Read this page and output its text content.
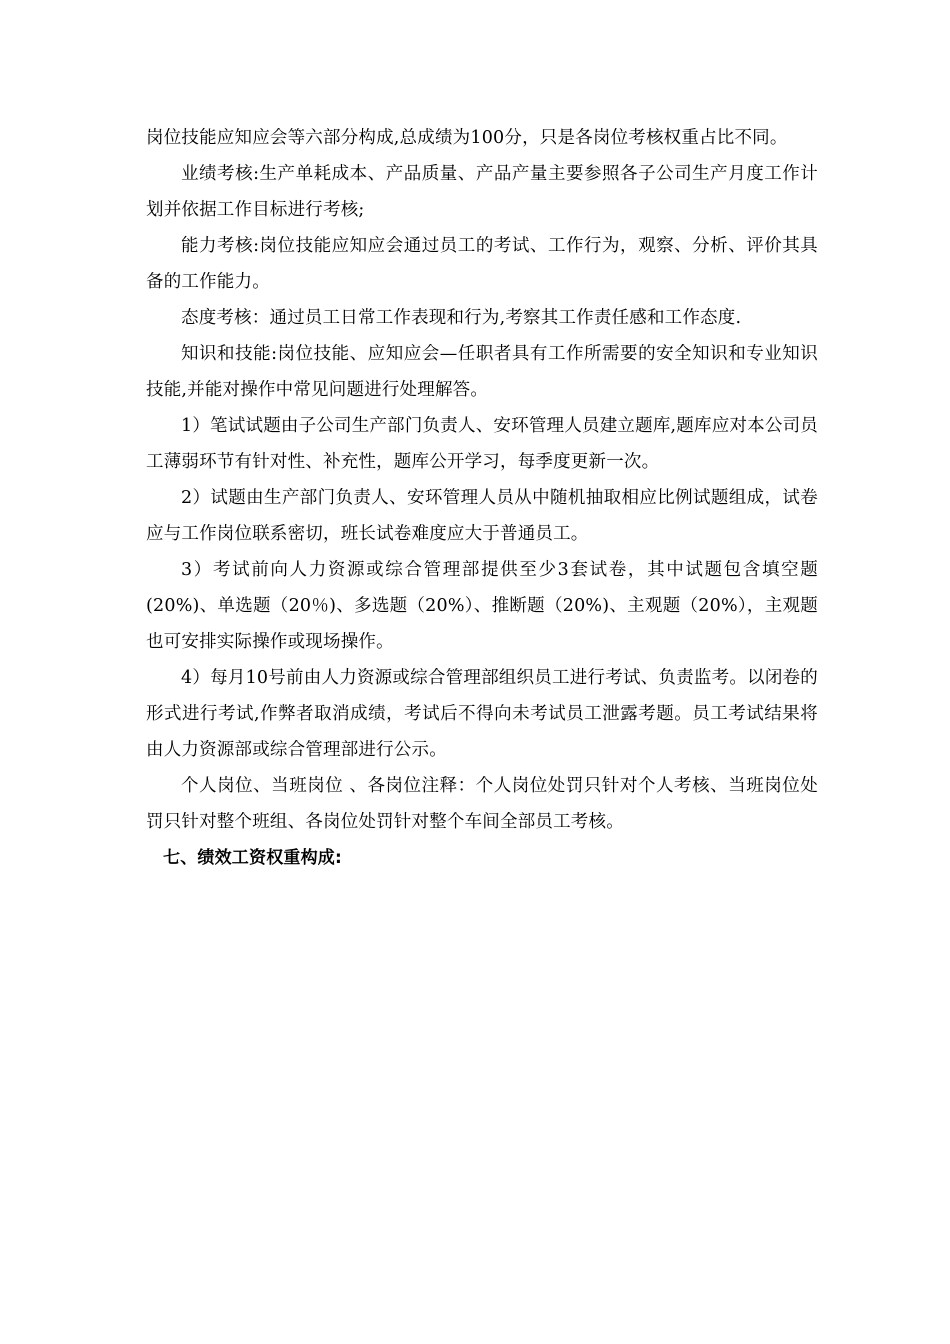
岗位技能应知应会等六部分构成,总成绩为100分，只是各岗位考核权重占比不同。

业绩考核:生产单耗成本、产品质量、产品产量主要参照各子公司生产月度工作计划并依据工作目标进行考核;

能力考核:岗位技能应知应会通过员工的考试、工作行为，观察、分析、评价其具备的工作能力。

态度考核：通过员工日常工作表现和行为,考察其工作责任感和工作态度.

知识和技能:岗位技能、应知应会—任职者具有工作所需要的安全知识和专业知识技能,并能对操作中常见问题进行处理解答。

1）笔试试题由子公司生产部门负责人、安环管理人员建立题库,题库应对本公司员工薄弱环节有针对性、补充性，题库公开学习，每季度更新一次。

2）试题由生产部门负责人、安环管理人员从中随机抽取相应比例试题组成，试卷应与工作岗位联系密切，班长试卷难度应大于普通员工。

3）考试前向人力资源或综合管理部提供至少3套试卷，其中试题包含填空题(20%)、单选题（20％)、多选题（20%）、推断题（20%)、主观题（20%），主观题也可安排实际操作或现场操作。

4）每月10号前由人力资源或综合管理部组织员工进行考试、负责监考。以闭卷的形式进行考试,作弊者取消成绩，考试后不得向未考试员工泄露考题。员工考试结果将由人力资源部或综合管理部进行公示。

个人岗位、当班岗位 、各岗位注释：个人岗位处罚只针对个人考核、当班岗位处罚只针对整个班组、各岗位处罚针对整个车间全部员工考核。

七、绩效工资权重构成:
